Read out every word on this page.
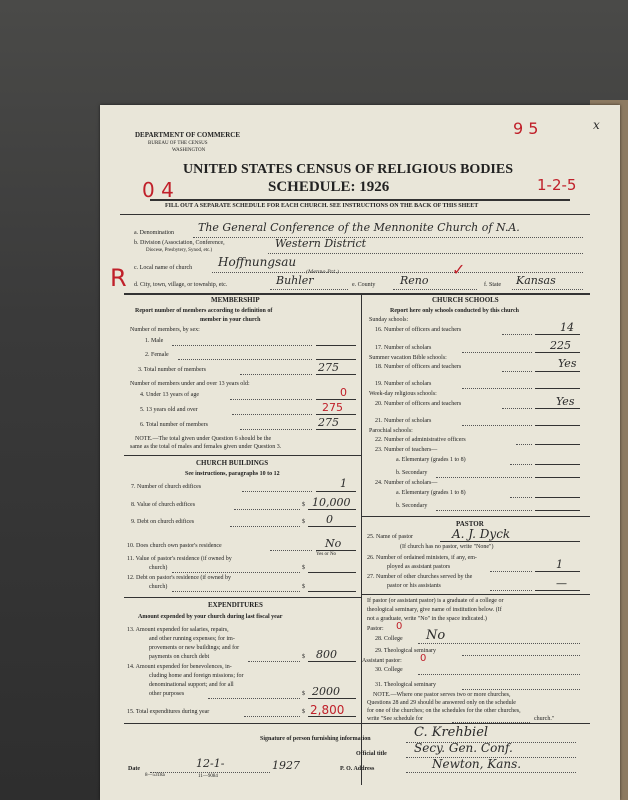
DEPARTMENT OF COMMERCE
BUREAU OF THE CENSUS
WASHINGTON
UNITED STATES CENSUS OF RELIGIOUS BODIES
SCHEDULE: 1926
FILL OUT A SEPARATE SCHEDULE FOR EACH CHURCH. SEE INSTRUCTIONS ON THE BACK OF THIS SHEET
9 5	x
0 4	1-2-5
R
a. Denomination The General Conference of the Mennonite Church of N.A.
b. Division (Association, Conference,
Diocese, Presbytery, Synod, etc.)
Western District
c. Local name of church Hoffnungsau
d. City, town, village, or township, etc.	Buhler
(Menno Pct.)
e. County Reno
✓
f. State Kansas
MEMBERSHIP
Report number of members according to definition of
member in your church
Number of members, by sex:
1. Male
2. Female
3. Total number of members	275
Number of members under and over 13 years old:
4. Under 13 years of age	0
5. 13 years old and over	275
6. Total number of members	275
NOTE.—The total given under Question 6 should be the
same as the total of males and females given under Question 3.
CHURCH BUILDINGS
See instructions, paragraphs 10 to 12
7. Number of church edifices	1
8. Value of church edifices	$ 10,000
9. Debt on church edifices	$ 0
10. Does church own pastor's residence	No
Yes or No
11. Value of pastor's residence (if owned by
church)	$
12. Debt on pastor's residence (if owned by
church)	$
EXPENDITURES
Amount expended by your church during last fiscal year
13. Amount expended for salaries, repairs,
and other running expenses; for im-
provements or new buildings; and for
payments on church debt	$ 800
14. Amount expended for benevolences, in-
cluding home and foreign missions; for
denominational support; and for all
other purposes	$ 2000
15. Total expenditures during year	$ 2,800
CHURCH SCHOOLS
Report here only schools conducted by this church
Sunday schools:
16. Number of officers and teachers	14
17. Number of scholars	225
Summer vacation Bible schools:
18. Number of officers and teachers	Yes
19. Number of scholars
Week-day religious schools:
20. Number of officers and teachers	Yes
21. Number of scholars
Parochial schools:
22. Number of administrative officers
23. Number of teachers—
a. Elementary (grades 1 to 8)
b. Secondary
24. Number of scholars—
a. Elementary (grades 1 to 8)
b. Secondary
PASTOR
25. Name of pastor	A. J. Dyck
(If church has no pastor, write "None")
26. Number of ordained ministers, if any, em-
ployed as assistant pastors	1
27. Number of other churches served by the
pastor or his assistants	—
If pastor (or assistant pastor) is a graduate of a college or
theological seminary, give name of institution below. (If
not a graduate, write "No" in the space indicated.)
Pastor: 0
28. College No
29. Theological seminary
Assistant pastor: 0
30. College
31. Theological seminary
NOTE.—Where one pastor serves two or more churches,
Questions 28 and 29 should be answered only on the schedule
for one of the churches; on the schedules for the other churches,
write "See schedule for	church."
Signature of person furnishing information	C. Krehbiel
Official title Secy. Gen. Conf.
Date	12-1-	1927	P. O. Address	Newton, Kans.
8—5318a	11—9084
